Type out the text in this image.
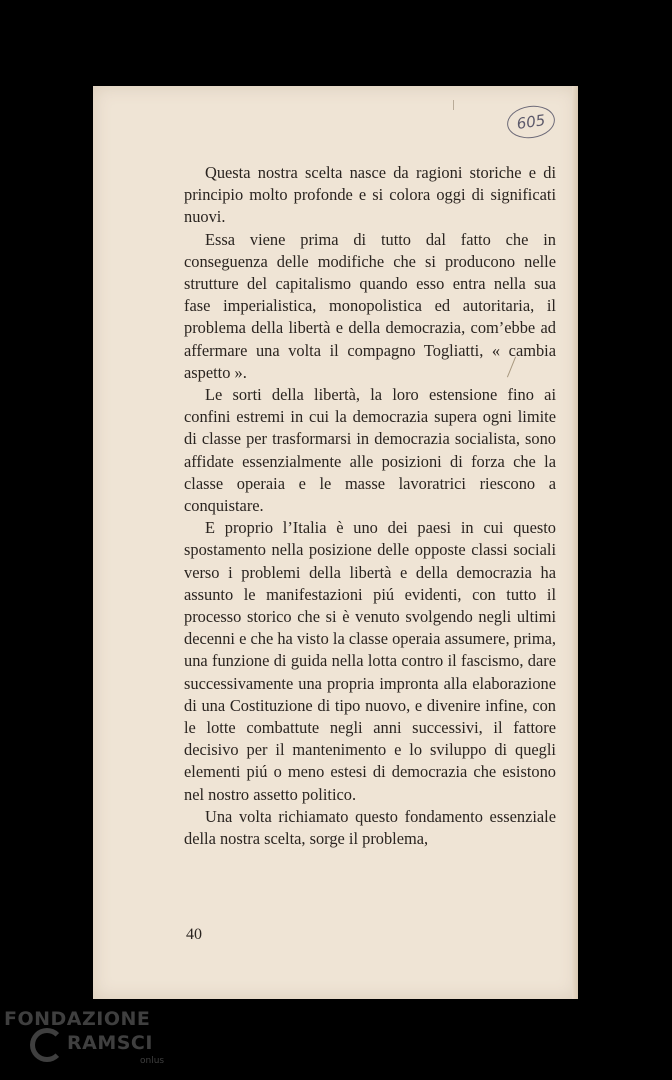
605

Questa nostra scelta nasce da ragioni storiche e di principio molto profonde e si colora oggi di significati nuovi.

Essa viene prima di tutto dal fatto che in conseguenza delle modifiche che si producono nelle strutture del capitalismo quando esso entra nella sua fase imperialistica, monopolistica ed autoritaria, il problema della libertà e della democrazia, com’ebbe ad affermare una volta il compagno Togliatti, « cambia aspetto ».

Le sorti della libertà, la loro estensione fino ai confini estremi in cui la democrazia supera ogni limite di classe per trasformarsi in democrazia socialista, sono affidate essenzialmente alle posizioni di forza che la classe operaia e le masse lavoratrici riescono a conquistare.

E proprio l’Italia è uno dei paesi in cui questo spostamento nella posizione delle opposte classi sociali verso i problemi della libertà e della democrazia ha assunto le manifestazioni piú evidenti, con tutto il processo storico che si è venuto svolgendo negli ultimi decenni e che ha visto la classe operaia assumere, prima, una funzione di guida nella lotta contro il fascismo, dare successivamente una propria impronta alla elaborazione di una Costituzione di tipo nuovo, e divenire infine, con le lotte combattute negli anni successivi, il fattore decisivo per il mantenimento e lo sviluppo di quegli elementi piú o meno estesi di democrazia che esistono nel nostro assetto politico.

Una volta richiamato questo fondamento essenziale della nostra scelta, sorge il problema,

40
FONDAZIONE
RAMSCI
onlus
